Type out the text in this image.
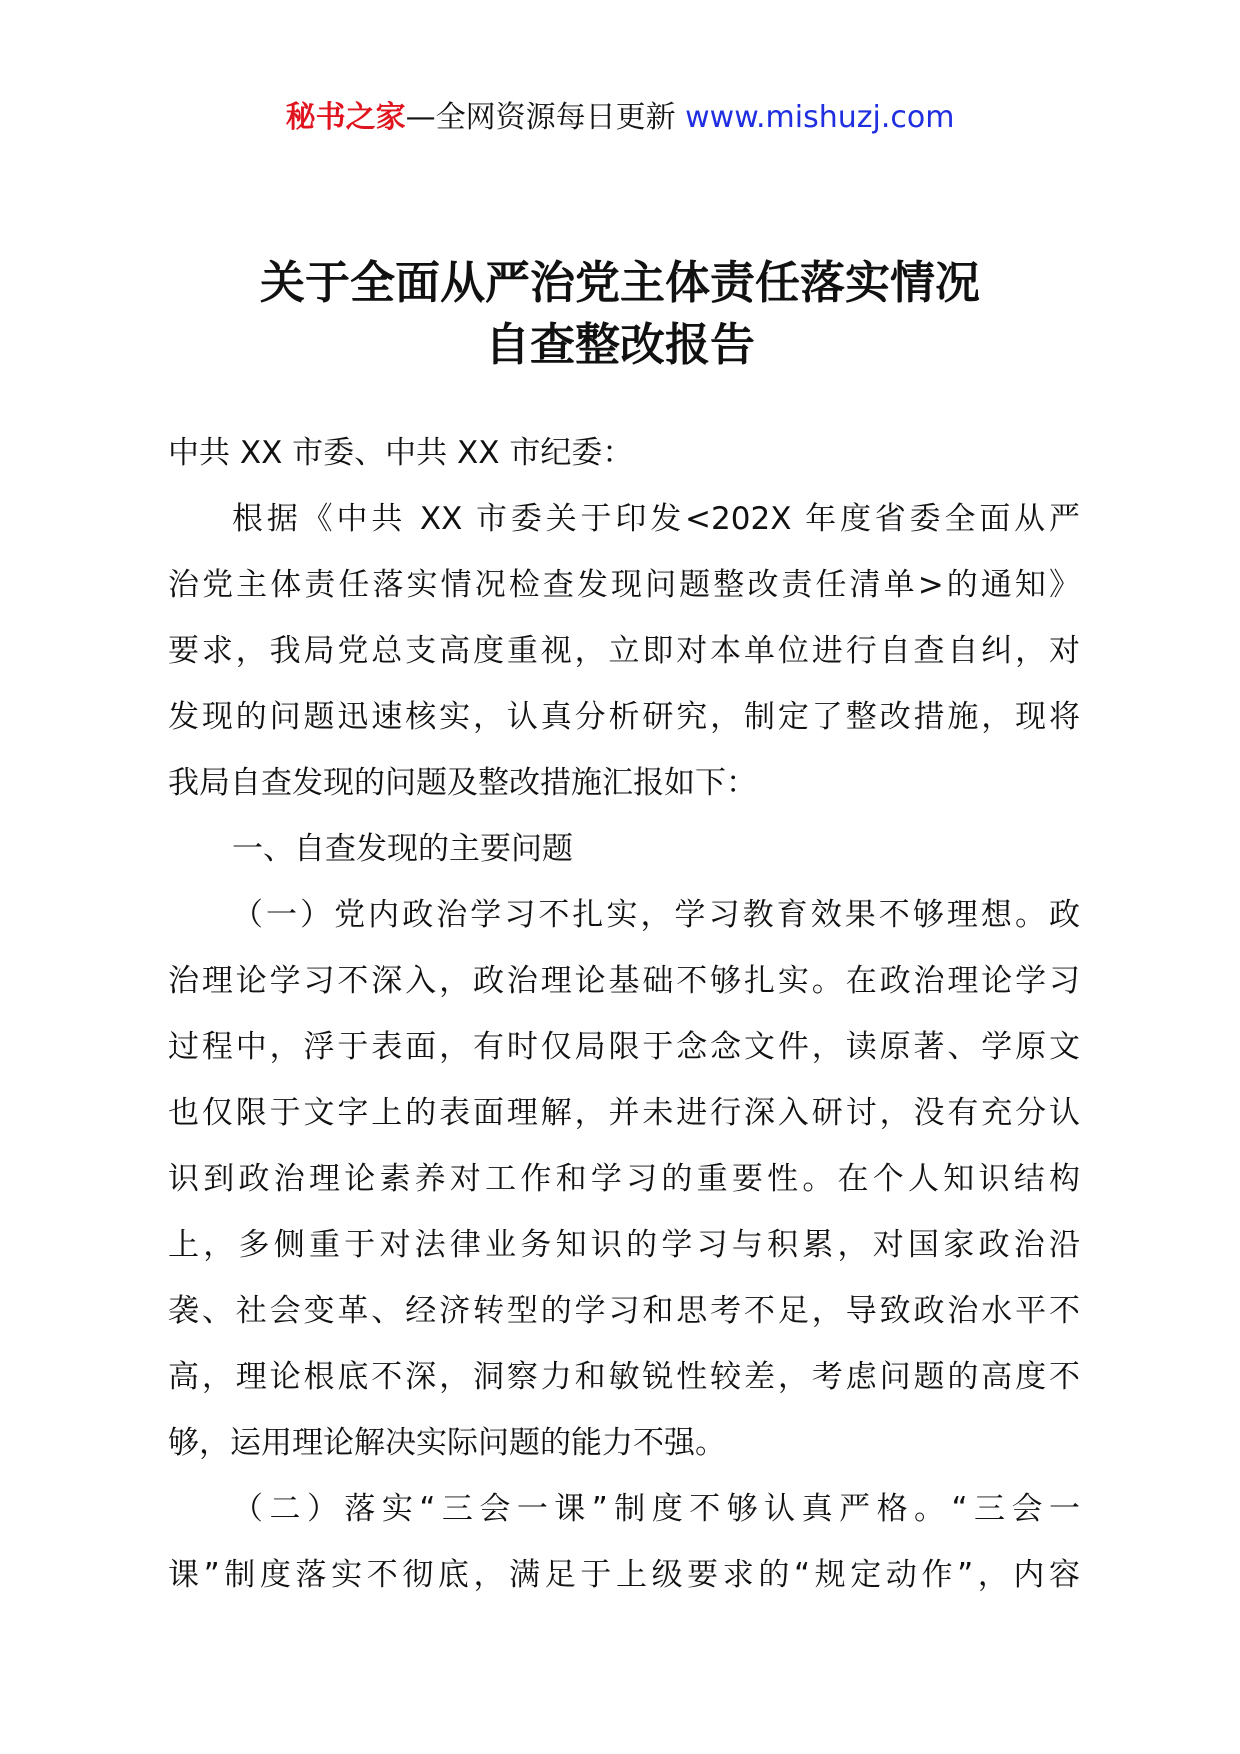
秘书之家—全网资源每日更新 www.mishuzj.com
关于全面从严治党主体责任落实情况
自查整改报告

中共 XX 市委、中共 XX 市纪委：

根据《中共 XX 市委关于印发<202X 年度省委全面从严
治党主体责任落实情况检查发现问题整改责任清单>的通知》
要求，我局党总支高度重视，立即对本单位进行自查自纠，对
发现的问题迅速核实，认真分析研究，制定了整改措施，现将
我局自查发现的问题及整改措施汇报如下：

一、自查发现的主要问题

（一）党内政治学习不扎实，学习教育效果不够理想。政
治理论学习不深入，政治理论基础不够扎实。在政治理论学习
过程中，浮于表面，有时仅局限于念念文件，读原著、学原文
也仅限于文字上的表面理解，并未进行深入研讨，没有充分认
识到政治理论素养对工作和学习的重要性。在个人知识结构
上，多侧重于对法律业务知识的学习与积累，对国家政治沿
袭、社会变革、经济转型的学习和思考不足，导致政治水平不
高，理论根底不深，洞察力和敏锐性较差，考虑问题的高度不
够，运用理论解决实际问题的能力不强。

（二）落实“三会一课”制度不够认真严格。“三会一
课”制度落实不彻底，满足于上级要求的“规定动作”，内容
